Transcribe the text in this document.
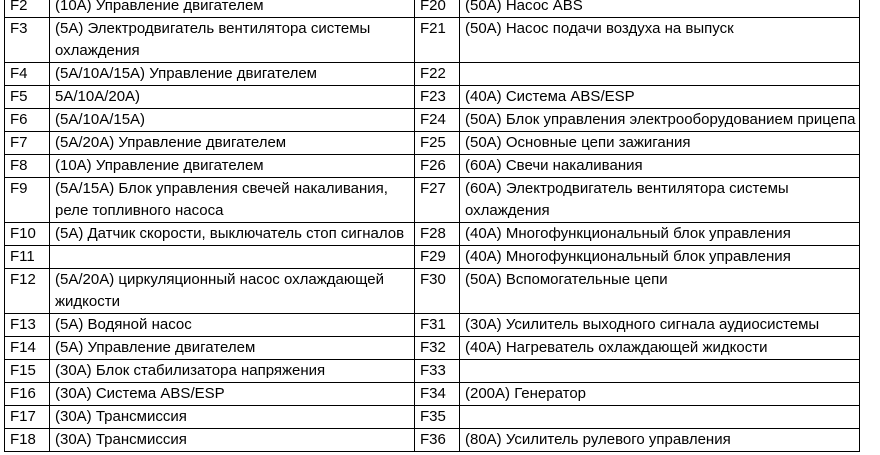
F2	(10A) Управление двигателем	F20	(50A) Насос ABS
F3	(5A) Электродвигатель вентилятора системы охлаждения	F21	(50A) Насос подачи воздуха на выпуск
F4	(5A/10A/15A) Управление двигателем	F22	
F5	5A/10A/20A)	F23	(40A) Система ABS/ESP
F6	(5A/10A/15A)	F24	(50A) Блок управления электрооборудованием прицепа
F7	(5A/20A) Управление двигателем	F25	(50A) Основные цепи зажигания
F8	(10A) Управление двигателем	F26	(60A) Свечи накаливания
F9	(5A/15A) Блок управления свечей накаливания, реле топливного насоса	F27	(60A) Электродвигатель вентилятора системы охлаждения
F10	(5A) Датчик скорости, выключатель стоп сигналов	F28	(40A) Многофункциональный блок управления
F11		F29	(40A) Многофункциональный блок управления
F12	(5A/20A) циркуляционный насос охлаждающей жидкости	F30	(50A) Вспомогательные цепи
F13	(5A) Водяной насос	F31	(30A) Усилитель выходного сигнала аудиосистемы
F14	(5A) Управление двигателем	F32	(40A) Нагреватель охлаждающей жидкости
F15	(30A) Блок стабилизатора напряжения	F33	
F16	(30A) Система ABS/ESP	F34	(200A) Генератор
F17	(30A) Трансмиссия	F35	
F18	(30A) Трансмиссия	F36	(80A) Усилитель рулевого управления
